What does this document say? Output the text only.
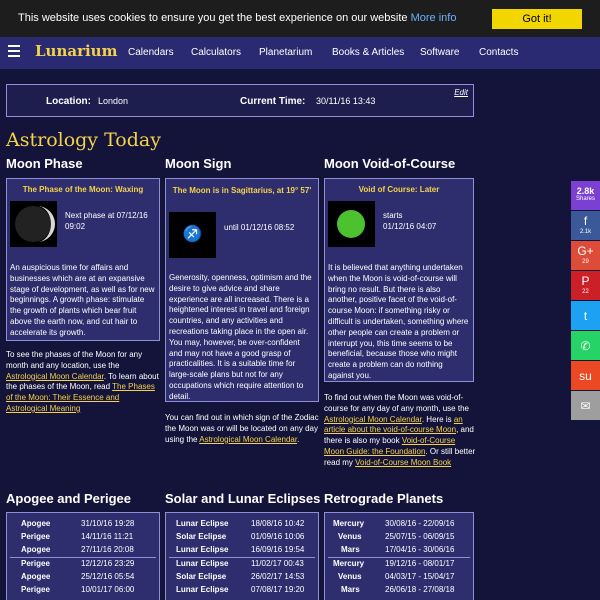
This website uses cookies to ensure you get the best experience on our website More info	Got it!
Lunarium Calendars Calculators Planetarium Books & Articles Software Contacts
Location: London	Current Time: 30/11/16 13:43
Edit
Astrology Today
Moon Phase	Moon Sign	Moon Void-of-Course
The Phase of the Moon: Waxing
Next phase at 07/12/16 09:02
An auspicious time for affairs and businesses which are at an expansive stage of development, as well as for new beginnings. A growth phase: stimulate the growth of plants which bear fruit above the earth now, and cut hair to accelerate its growth.
To see the phases of the Moon for any month and any location, use the Astrological Moon Calendar. To learn about the phases of the Moon, read The Phases of the Moon: Their Essence and Astrological Meaning
The Moon is in Sagittarius, at 19° 57'
♐	until 01/12/16 08:52
Generosity, openness, optimism and the desire to give advice and share experience are all increased. There is a heightened interest in travel and foreign countries, and any activities and recreations taking place in the open air. You may, however, be over-confident and may not have a good grasp of practicalities. It is a suitable time for large-scale plans but not for any occupations which require attention to detail.
You can find out in which sign of the Zodiac the Moon was or will be located on any day using the Astrological Moon Calendar.
Void of Course: Later
starts
01/12/16 04:07
It is believed that anything undertaken when the Moon is void-of-course will bring no result. But there is also another, positive facet of the void-of-course Moon: if something risky or difficult is undertaken, something where other people can create a problem or interrupt you, this time seems to be beneficial, because those who might create a problem can do nothing against you.
To find out when the Moon was void-of-course for any day of any month, use the Astrological Moon Calendar. Here is an article about the void-of-course Moon, and there is also my book Void-of-Course Moon Guide: the Foundation. Or still better read my Void-of-Course Moon Book
Apogee and Perigee	Solar and Lunar Eclipses Retrograde Planets
Apogee	31/10/16 19:28
Perigee	14/11/16 11:21
Apogee	27/11/16 20:08
Perigee	12/12/16 23:29
Apogee	25/12/16 05:54
Perigee	10/01/17 06:00
Lunar Eclipse	18/08/16 10:42
Solar Eclipse	01/09/16 10:06
Lunar Eclipse	16/09/16 19:54
Lunar Eclipse	11/02/17 00:43
Solar Eclipse	26/02/17 14:53
Lunar Eclipse	07/08/17 19:20
Mercury	30/08/16 - 22/09/16
Venus	25/07/15 - 06/09/15
Mars	17/04/16 - 30/06/16
Mercury	19/12/16 - 08/01/17
Venus	04/03/17 - 15/04/17
Mars	26/06/18 - 27/08/18
2.8k
Shares
f
2.1k
G+
29
P
22
t
✆
su
✉
